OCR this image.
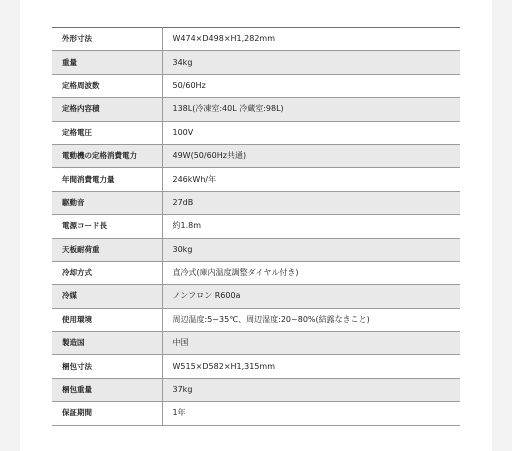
外形寸法	W474×D498×H1,282mm
重量	34kg
定格周波数	50/60Hz
定格内容積	138L(冷凍室:40L 冷蔵室:98L)
定格電圧	100V
電動機の定格消費電力	49W(50/60Hz共通)
年間消費電力量	246kWh/年
駆動音	27dB
電源コード長	約1.8m
天板耐荷重	30kg
冷却方式	直冷式(庫内温度調整ダイヤル付き)
冷媒	ノンフロン R600a
使用環境	周辺温度:5~35℃、周辺湿度:20~80%(結露なきこと)
製造国	中国
梱包寸法	W515×D582×H1,315mm
梱包重量	37kg
保証期間	1年
